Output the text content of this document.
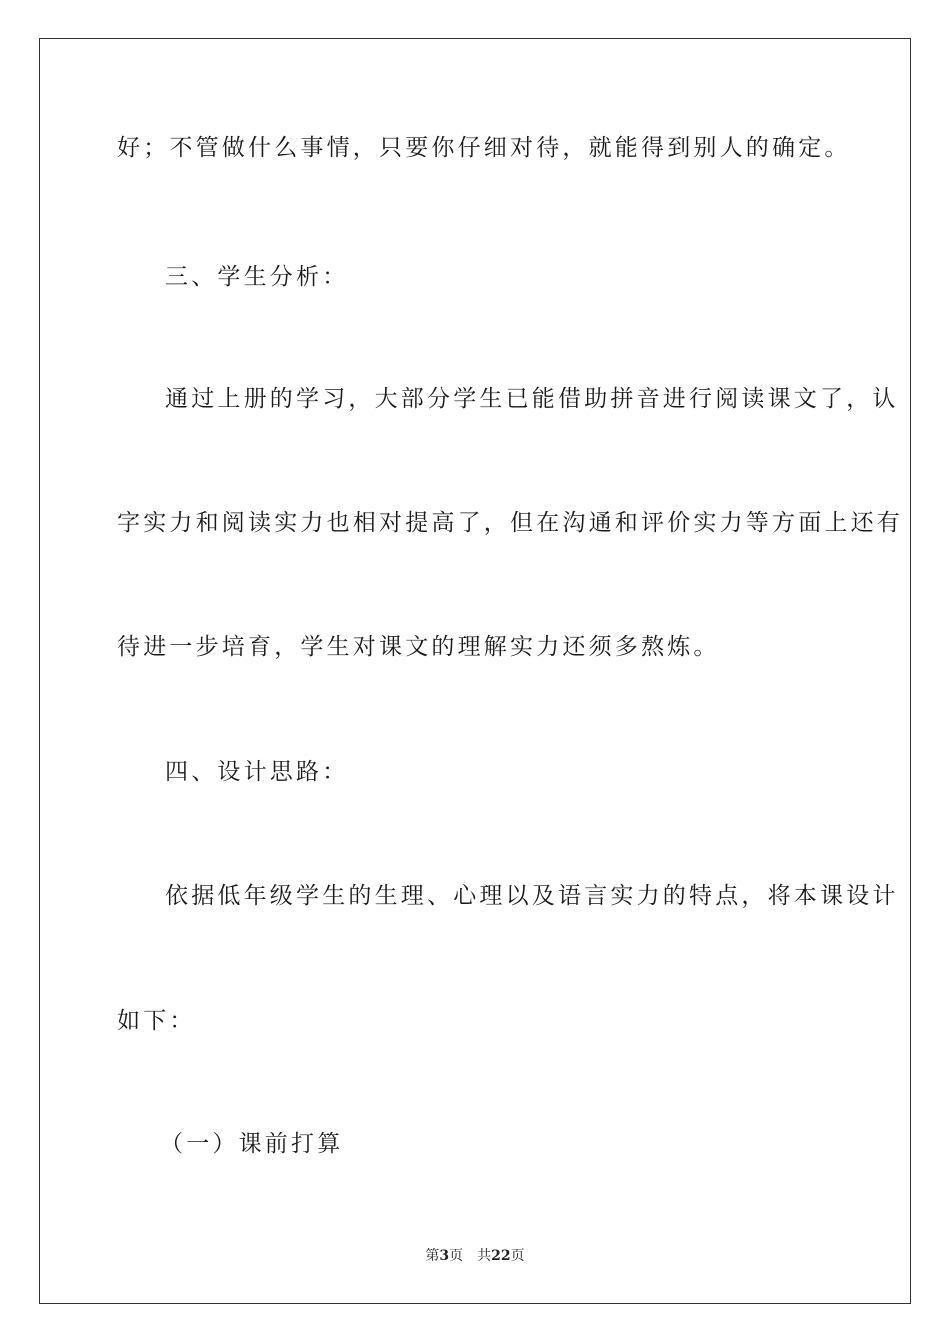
好；不管做什么事情，只要你仔细对待，就能得到别人的确定。

三、学生分析：

通过上册的学习，大部分学生已能借助拼音进行阅读课文了，认

字实力和阅读实力也相对提高了，但在沟通和评价实力等方面上还有

待进一步培育，学生对课文的理解实力还须多熬炼。

四、设计思路：

依据低年级学生的生理、心理以及语言实力的特点，将本课设计

如下：

（一）课前打算

第3页 共22页
